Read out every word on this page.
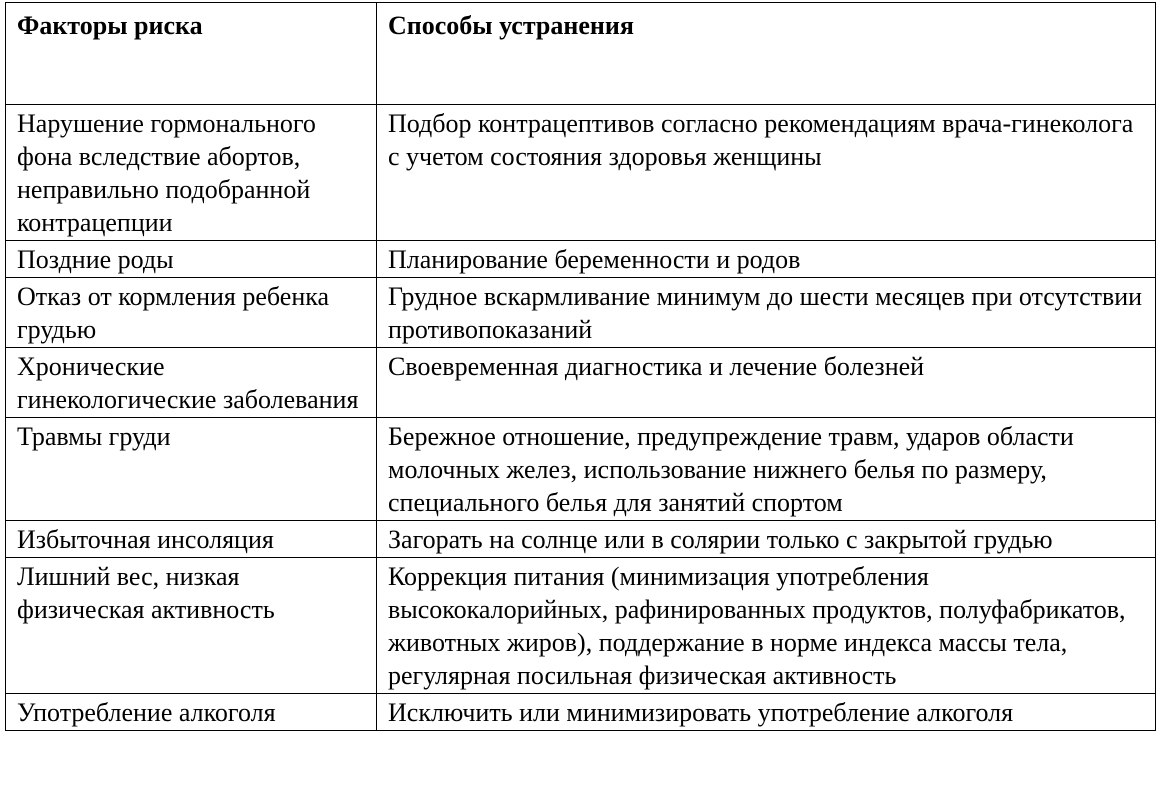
Факторы риска	Способы устранения
Нарушение гормонального фона вследствие абортов, неправильно подобранной контрацепции	Подбор контрацептивов согласно рекомендациям врача-гинеколога с учетом состояния здоровья женщины
Поздние роды	Планирование беременности и родов
Отказ от кормления ребенка грудью	Грудное вскармливание минимум до шести месяцев при отсутствии противопоказаний
Хронические гинекологические заболевания	Своевременная диагностика и лечение болезней
Травмы груди	Бережное отношение, предупреждение травм, ударов области молочных желез, использование нижнего белья по размеру, специального белья для занятий спортом
Избыточная инсоляция	Загорать на солнце или в солярии только с закрытой грудью
Лишний вес, низкая физическая активность	Коррекция питания (минимизация употребления высококалорийных, рафинированных продуктов, полуфабрикатов, животных жиров), поддержание в норме индекса массы тела, регулярная посильная физическая активность
Употребление алкоголя	Исключить или минимизировать употребление алкоголя
